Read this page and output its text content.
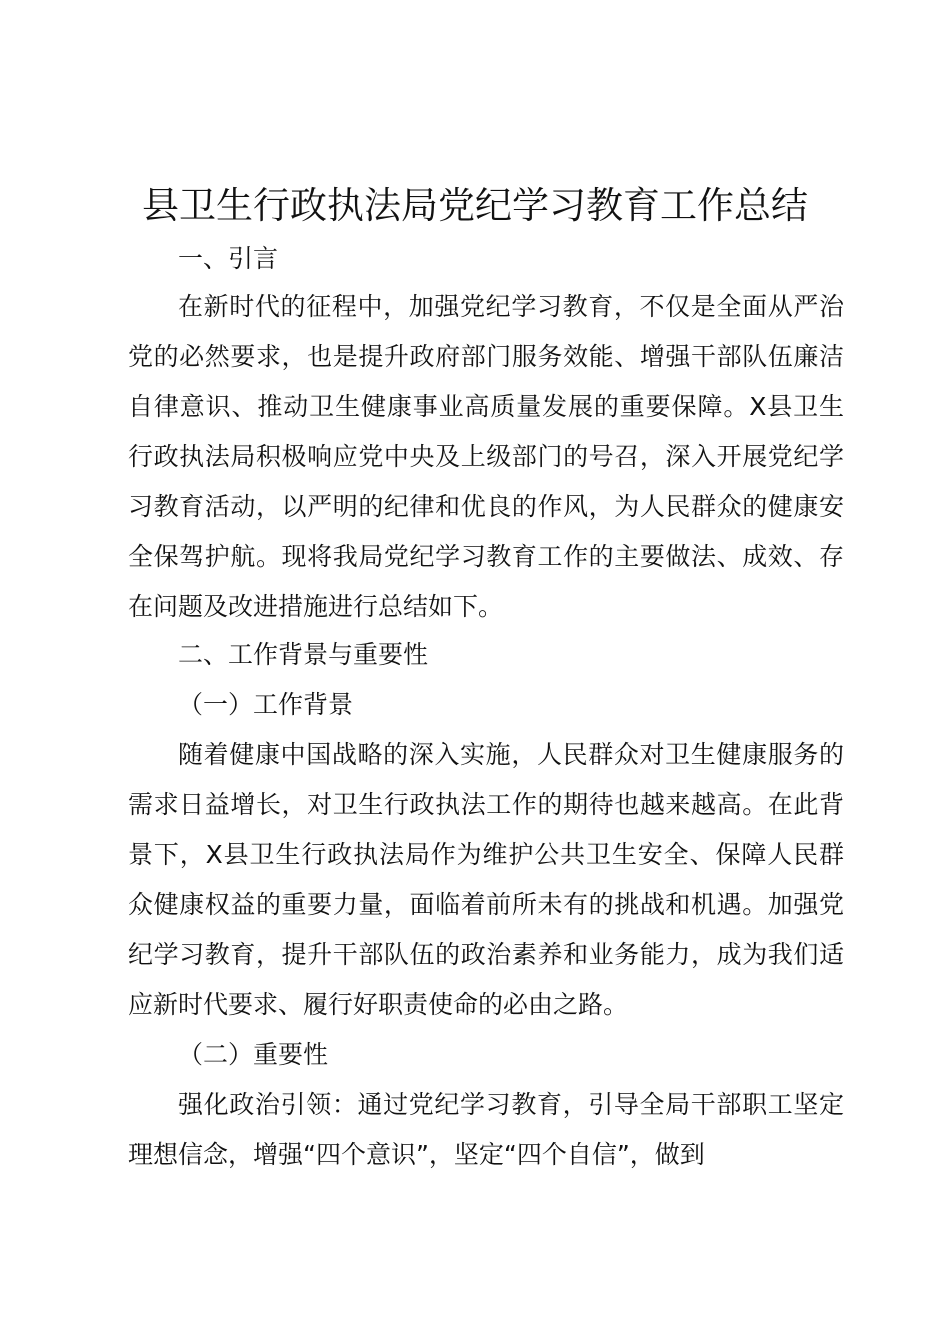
县卫生行政执法局党纪学习教育工作总结

一、引言

在新时代的征程中，加强党纪学习教育，不仅是全面从严治党的必然要求，也是提升政府部门服务效能、增强干部队伍廉洁自律意识、推动卫生健康事业高质量发展的重要保障。X县卫生行政执法局积极响应党中央及上级部门的号召，深入开展党纪学习教育活动，以严明的纪律和优良的作风，为人民群众的健康安全保驾护航。现将我局党纪学习教育工作的主要做法、成效、存在问题及改进措施进行总结如下。

二、工作背景与重要性

（一）工作背景

随着健康中国战略的深入实施，人民群众对卫生健康服务的需求日益增长，对卫生行政执法工作的期待也越来越高。在此背景下，X县卫生行政执法局作为维护公共卫生安全、保障人民群众健康权益的重要力量，面临着前所未有的挑战和机遇。加强党纪学习教育，提升干部队伍的政治素养和业务能力，成为我们适应新时代要求、履行好职责使命的必由之路。

（二）重要性

强化政治引领：通过党纪学习教育，引导全局干部职工坚定理想信念，增强“四个意识”，坚定“四个自信”，做到
